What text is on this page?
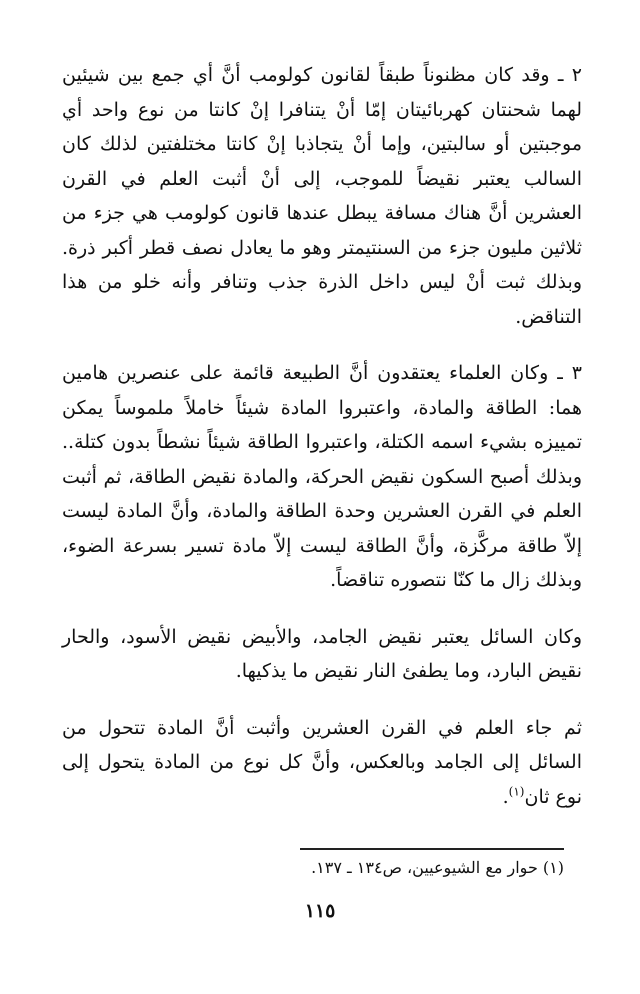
٢ ـ وقد كان مظنوناً طبقاً لقانون كولومب أنَّ أي جمع بين شيئين لهما شحنتان كهربائيتان إمّا أنْ يتنافرا إنْ كانتا من نوع واحد أي موجبتين أو سالبتين، وإما أنْ يتجاذبا إنْ كانتا مختلفتين لذلك كان السالب يعتبر نقيضاً للموجب، إلى أنْ أثبت العلم في القرن العشرين أنَّ هناك مسافة يبطل عندها قانون كولومب هي جزء من ثلاثين مليون جزء من السنتيمتر وهو ما يعادل نصف قطر أكبر ذرة. وبذلك ثبت أنْ ليس داخل الذرة جذب وتنافر وأنه خلو من هذا التناقض.

٣ ـ وكان العلماء يعتقدون أنَّ الطبيعة قائمة على عنصرين هامين هما: الطاقة والمادة، واعتبروا المادة شيئاً خاملاً ملموساً يمكن تمييزه بشيء اسمه الكتلة، واعتبروا الطاقة شيئاً نشطاً بدون كتلة.. وبذلك أصبح السكون نقيض الحركة، والمادة نقيض الطاقة، ثم أثبت العلم في القرن العشرين وحدة الطاقة والمادة، وأنَّ المادة ليست إلاّ طاقة مركَّزة، وأنَّ الطاقة ليست إلاّ مادة تسير بسرعة الضوء، وبذلك زال ما كنّا نتصوره تناقضاً.

وكان السائل يعتبر نقيض الجامد، والأبيض نقيض الأسود، والحار نقيض البارد، وما يطفئ النار نقيض ما يذكيها.

ثم جاء العلم في القرن العشرين وأثبت أنَّ المادة تتحول من السائل إلى الجامد وبالعكس، وأنَّ كل نوع من المادة يتحول إلى نوع ثان$^{(١)}$.

(١) حوار مع الشيوعيين، ص١٣٤ ـ ١٣٧.
١١٥
